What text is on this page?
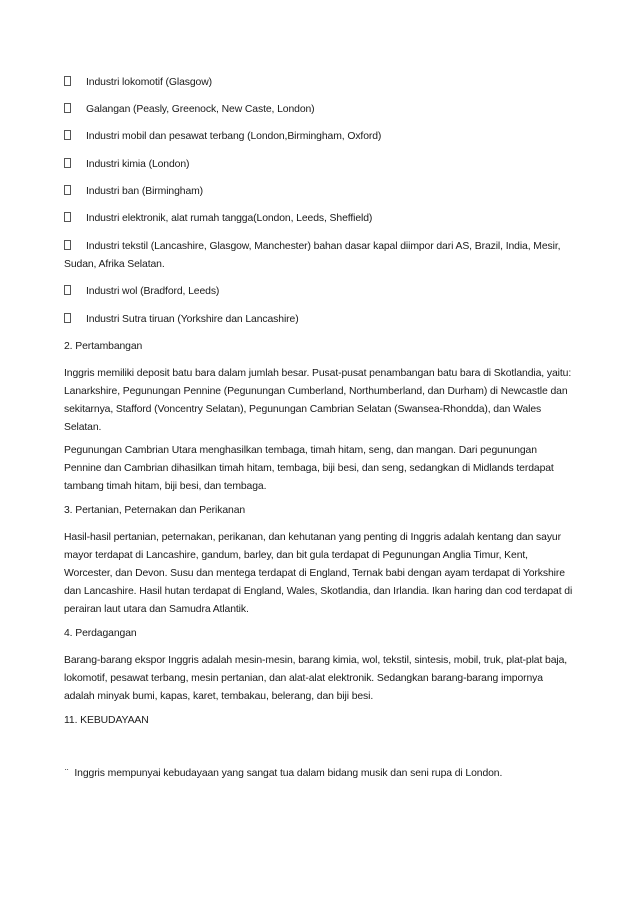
Industri lokomotif (Glasgow)
Galangan (Peasly, Greenock, New Caste, London)
Industri mobil dan pesawat terbang (London,Birmingham, Oxford)
Industri kimia (London)
Industri ban (Birmingham)
Industri elektronik, alat rumah tangga(London, Leeds, Sheffield)
Industri tekstil (Lancashire, Glasgow, Manchester) bahan dasar kapal diimpor dari AS, Brazil, India, Mesir, Sudan, Afrika Selatan.
Industri wol (Bradford, Leeds)
Industri Sutra tiruan (Yorkshire dan Lancashire)

2. Pertambangan

Inggris memiliki deposit batu bara dalam jumlah besar. Pusat-pusat penambangan batu bara di Skotlandia, yaitu: Lanarkshire, Pegunungan Pennine (Pegunungan Cumberland, Northumberland, dan Durham) di Newcastle dan sekitarnya, Stafford (Voncentry Selatan), Pegunungan Cambrian Selatan (Swansea-Rhondda), dan Wales Selatan.

Pegunungan Cambrian Utara menghasilkan tembaga, timah hitam, seng, dan mangan. Dari pegunungan Pennine dan Cambrian dihasilkan timah hitam, tembaga, biji besi, dan seng, sedangkan di Midlands terdapat tambang timah hitam, biji besi, dan tembaga.

3. Pertanian, Peternakan dan Perikanan

Hasil-hasil pertanian, peternakan, perikanan, dan kehutanan yang penting di Inggris adalah kentang dan sayur mayor terdapat di Lancashire, gandum, barley, dan bit gula terdapat di Pegunungan Anglia Timur, Kent, Worcester, dan Devon. Susu dan mentega terdapat di England, Ternak babi dengan ayam terdapat di Yorkshire dan Lancashire. Hasil hutan terdapat di England, Wales, Skotlandia, dan Irlandia. Ikan haring dan cod terdapat di perairan laut utara dan Samudra Atlantik.

4. Perdagangan

Barang-barang ekspor Inggris adalah mesin-mesin, barang kimia, wol, tekstil, sintesis, mobil, truk, plat-plat baja, lokomotif, pesawat terbang, mesin pertanian, dan alat-alat elektronik. Sedangkan barang-barang impornya adalah minyak bumi, kapas, karet, tembakau, belerang, dan biji besi.

11. KEBUDAYAAN

¨ Inggris mempunyai kebudayaan yang sangat tua dalam bidang musik dan seni rupa di London.
